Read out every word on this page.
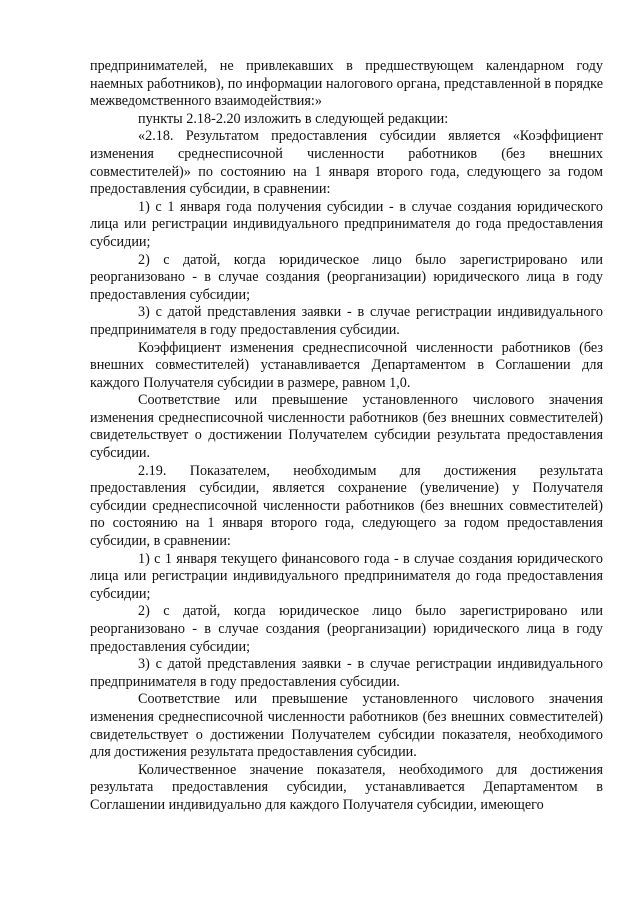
предпринимателей, не привлекавших в предшествующем календарном году наемных работников), по информации налогового органа, представленной в порядке межведомственного взаимодействия:»

пункты 2.18-2.20 изложить в следующей редакции:

«2.18. Результатом предоставления субсидии является «Коэффициент изменения среднесписочной численности работников (без внешних совместителей)» по состоянию на 1 января второго года, следующего за годом предоставления субсидии, в сравнении:

1) с 1 января года получения субсидии - в случае создания юридического лица или регистрации индивидуального предпринимателя до года предоставления субсидии;

2) с датой, когда юридическое лицо было зарегистрировано или реорганизовано - в случае создания (реорганизации) юридического лица в году предоставления субсидии;

3) с датой представления заявки - в случае регистрации индивидуального предпринимателя в году предоставления субсидии.

Коэффициент изменения среднесписочной численности работников (без внешних совместителей) устанавливается Департаментом в Соглашении для каждого Получателя субсидии в размере, равном 1,0.

Соответствие или превышение установленного числового значения изменения среднесписочной численности работников (без внешних совместителей) свидетельствует о достижении Получателем субсидии результата предоставления субсидии.

2.19. Показателем, необходимым для достижения результата предоставления субсидии, является сохранение (увеличение) у Получателя субсидии среднесписочной численности работников (без внешних совместителей) по состоянию на 1 января второго года, следующего за годом предоставления субсидии, в сравнении:

1) с 1 января текущего финансового года - в случае создания юридического лица или регистрации индивидуального предпринимателя до года предоставления субсидии;

2) с датой, когда юридическое лицо было зарегистрировано или реорганизовано - в случае создания (реорганизации) юридического лица в году предоставления субсидии;

3) с датой представления заявки - в случае регистрации индивидуального предпринимателя в году предоставления субсидии.

Соответствие или превышение установленного числового значения изменения среднесписочной численности работников (без внешних совместителей) свидетельствует о достижении Получателем субсидии показателя, необходимого для достижения результата предоставления субсидии.

Количественное значение показателя, необходимого для достижения результата предоставления субсидии, устанавливается Департаментом в Соглашении индивидуально для каждого Получателя субсидии, имеющего
